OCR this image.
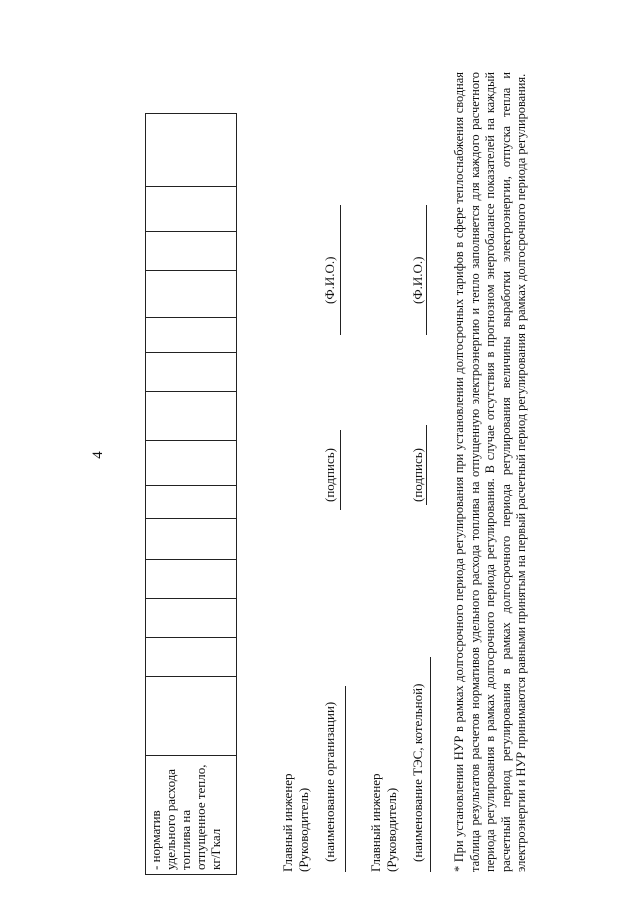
4
- норматив удельного расхода топлива на отпущенное тепло, кг/Гкал															Главный инженер (Руководитель) (наименование организации)
(подпись)
(Ф.И.О.)
Главный инженер (Руководитель) (наименование ТЭС, котельной)
(подпись)
(Ф.И.О.) * При установлении НУР в рамках долгосрочного периода регулирования при установлении долгосрочных тарифов в сфере теплоснабжения сводная таблица результатов расчетов нормативов удельного расхода топлива на отпущенную электроэнергию и тепло заполняется для каждого расчетного периода регулирования в рамках долгосрочного периода регулирования. В случае отсутствия в прогнозном энергобалансе показателей на каждый расчетный период регулирования в рамках долгосрочного периода регулирования величины выработки электроэнергии, отпуска тепла и электроэнергии и НУР принимаются равными принятым на первый расчетный период регулирования в рамках долгосрочного периода регулирования.
